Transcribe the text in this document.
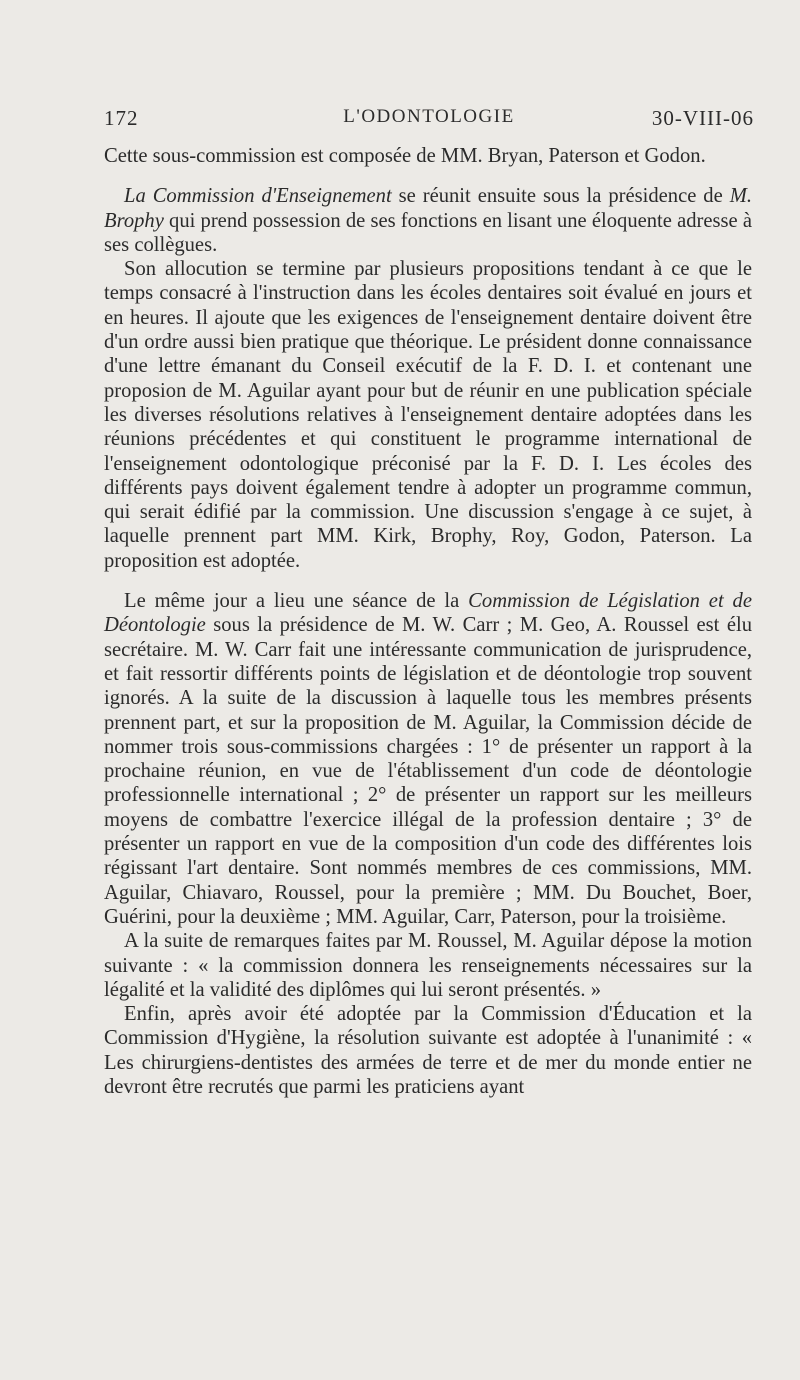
172	L'ODONTOLOGIE	30-VIII-06

Cette sous-commission est composée de MM. Bryan, Paterson et Godon.

La Commission d'Enseignement se réunit ensuite sous la présidence de M. Brophy qui prend possession de ses fonctions en lisant une éloquente adresse à ses collègues.

Son allocution se termine par plusieurs propositions tendant à ce que le temps consacré à l'instruction dans les écoles dentaires soit évalué en jours et en heures. Il ajoute que les exigences de l'enseignement dentaire doivent être d'un ordre aussi bien pratique que théorique. Le président donne connaissance d'une lettre émanant du Conseil exécutif de la F. D. I. et contenant une proposion de M. Aguilar ayant pour but de réunir en une publication spéciale les diverses résolutions relatives à l'enseignement dentaire adoptées dans les réunions précédentes et qui constituent le programme international de l'enseignement odontologique préconisé par la F. D. I. Les écoles des différents pays doivent également tendre à adopter un programme commun, qui serait édifié par la commission. Une discussion s'engage à ce sujet, à laquelle prennent part MM. Kirk, Brophy, Roy, Godon, Paterson. La proposition est adoptée.

Le même jour a lieu une séance de la Commission de Législation et de Déontologie sous la présidence de M. W. Carr ; M. Geo, A. Roussel est élu secrétaire. M. W. Carr fait une intéressante communication de jurisprudence, et fait ressortir différents points de législation et de déontologie trop souvent ignorés. A la suite de la discussion à laquelle tous les membres présents prennent part, et sur la proposition de M. Aguilar, la Commission décide de nommer trois sous-commissions chargées : 1° de présenter un rapport à la prochaine réunion, en vue de l'établissement d'un code de déontologie professionnelle international ; 2° de présenter un rapport sur les meilleurs moyens de combattre l'exercice illégal de la profession dentaire ; 3° de présenter un rapport en vue de la composition d'un code des différentes lois régissant l'art dentaire. Sont nommés membres de ces commissions, MM. Aguilar, Chiavaro, Roussel, pour la première ; MM. Du Bouchet, Boer, Guérini, pour la deuxième ; MM. Aguilar, Carr, Paterson, pour la troisième.

A la suite de remarques faites par M. Roussel, M. Aguilar dépose la motion suivante : « la commission donnera les renseignements nécessaires sur la légalité et la validité des diplômes qui lui seront présentés. »

Enfin, après avoir été adoptée par la Commission d'Éducation et la Commission d'Hygiène, la résolution suivante est adoptée à l'unanimité : « Les chirurgiens-dentistes des armées de terre et de mer du monde entier ne devront être recrutés que parmi les praticiens ayant
